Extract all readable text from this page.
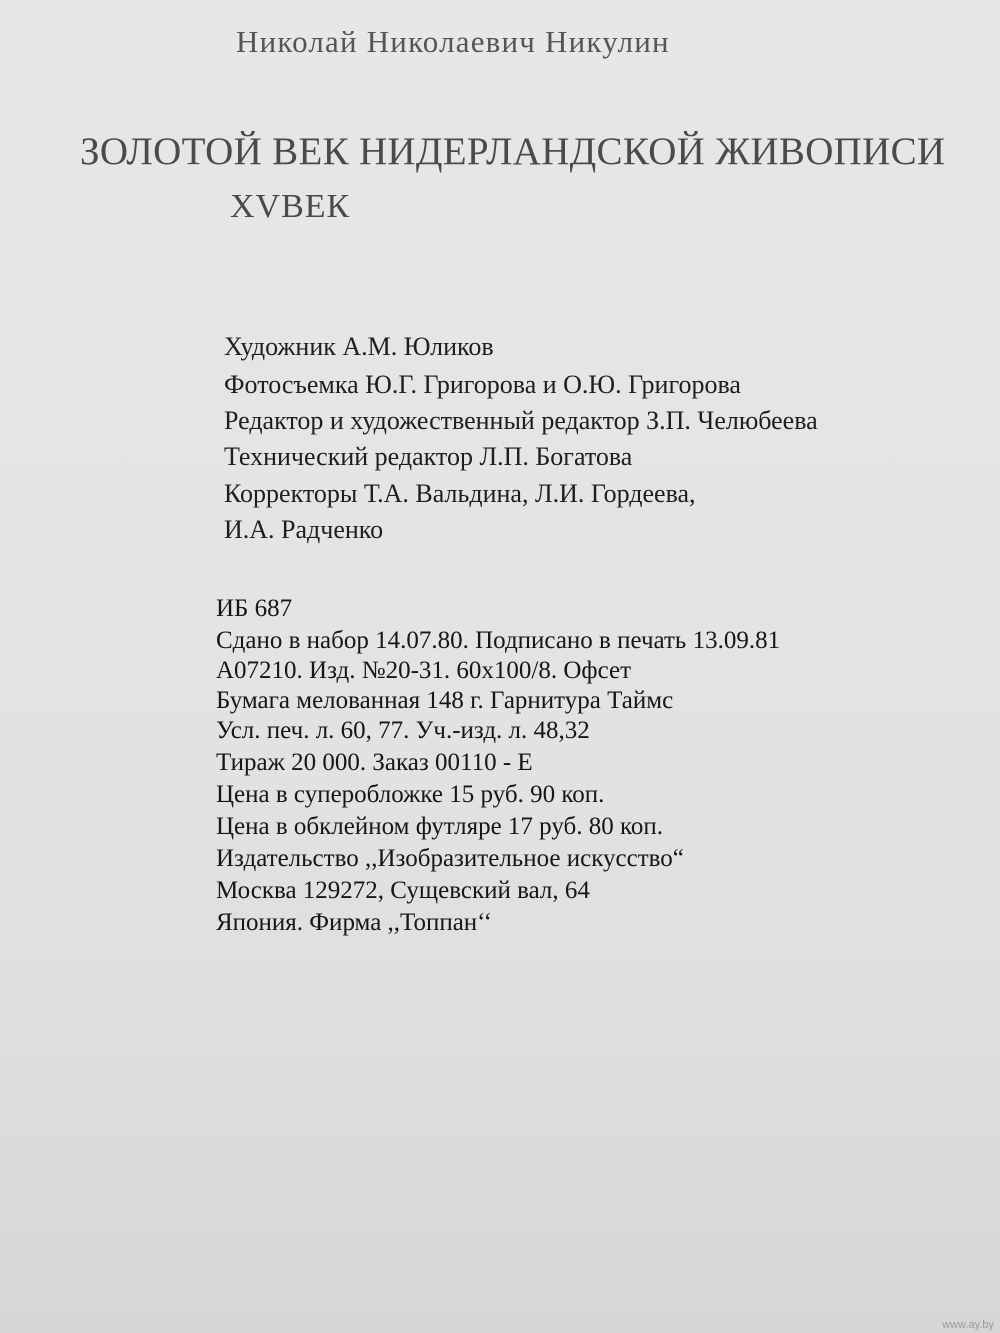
Николай Николаевич Никулин

ЗОЛОТОЙ ВЕК НИДЕРЛАНДСКОЙ ЖИВОПИСИ

XVВЕК

Художник А.М. Юликов

Фотосъемка Ю.Г. Григорова и О.Ю. Григорова

Редактор и художественный редактор З.П. Челюбеева

Технический редактор Л.П. Богатова

Корректоры Т.А. Вальдина, Л.И. Гордеева,

И.А. Радченко

ИБ 687

Сдано в набор 14.07.80. Подписано в печать 13.09.81

А07210. Изд. №20-31. 60х100/8. Офсет

Бумага мелованная 148 г. Гарнитура Таймс

Усл. печ. л. 60, 77. Уч.-изд. л. 48,32

Тираж 20 000. Заказ 00110 - Е

Цена в суперобложке 15 руб. 90 коп.

Цена в обклейном футляре 17 руб. 80 коп.

Издательство ,,Изобразительное искусство“

Москва 129272, Сущевский вал, 64

Япония. Фирма ,,Топпан‘‘

www.ay.by
